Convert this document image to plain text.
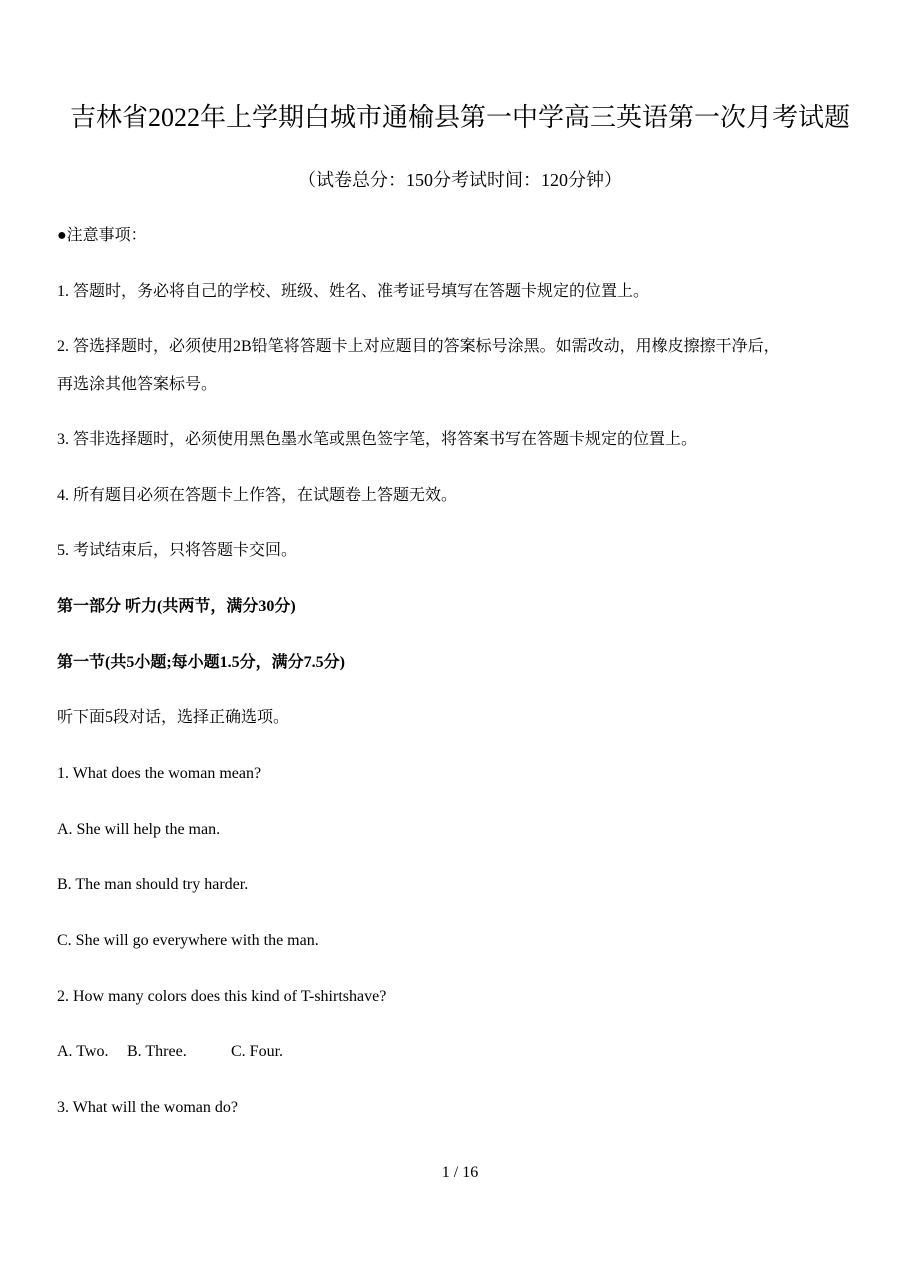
吉林省2022年上学期白城市通榆县第一中学高三英语第一次月考试题
（试卷总分：150分考试时间：120分钟）
●注意事项：
1. 答题时，务必将自己的学校、班级、姓名、准考证号填写在答题卡规定的位置上。
2. 答选择题时，必须使用2B铅笔将答题卡上对应题目的答案标号涂黑。如需改动，用橡皮擦擦干净后，
再选涂其他答案标号。
3. 答非选择题时，必须使用黑色墨水笔或黑色签字笔，将答案书写在答题卡规定的位置上。
4. 所有题目必须在答题卡上作答，在试题卷上答题无效。
5. 考试结束后，只将答题卡交回。
第一部分 听力(共两节，满分30分)
第一节(共5小题;每小题1.5分，满分7.5分)
听下面5段对话，选择正确选项。
1. What does the woman mean?
A. She will help the man.
B. The man should try harder.
C. She will go everywhere with the man.
2. How many colors does this kind of T-shirtshave?
A. Two. B. Three.	C. Four.
3. What will the woman do?
1 / 16
